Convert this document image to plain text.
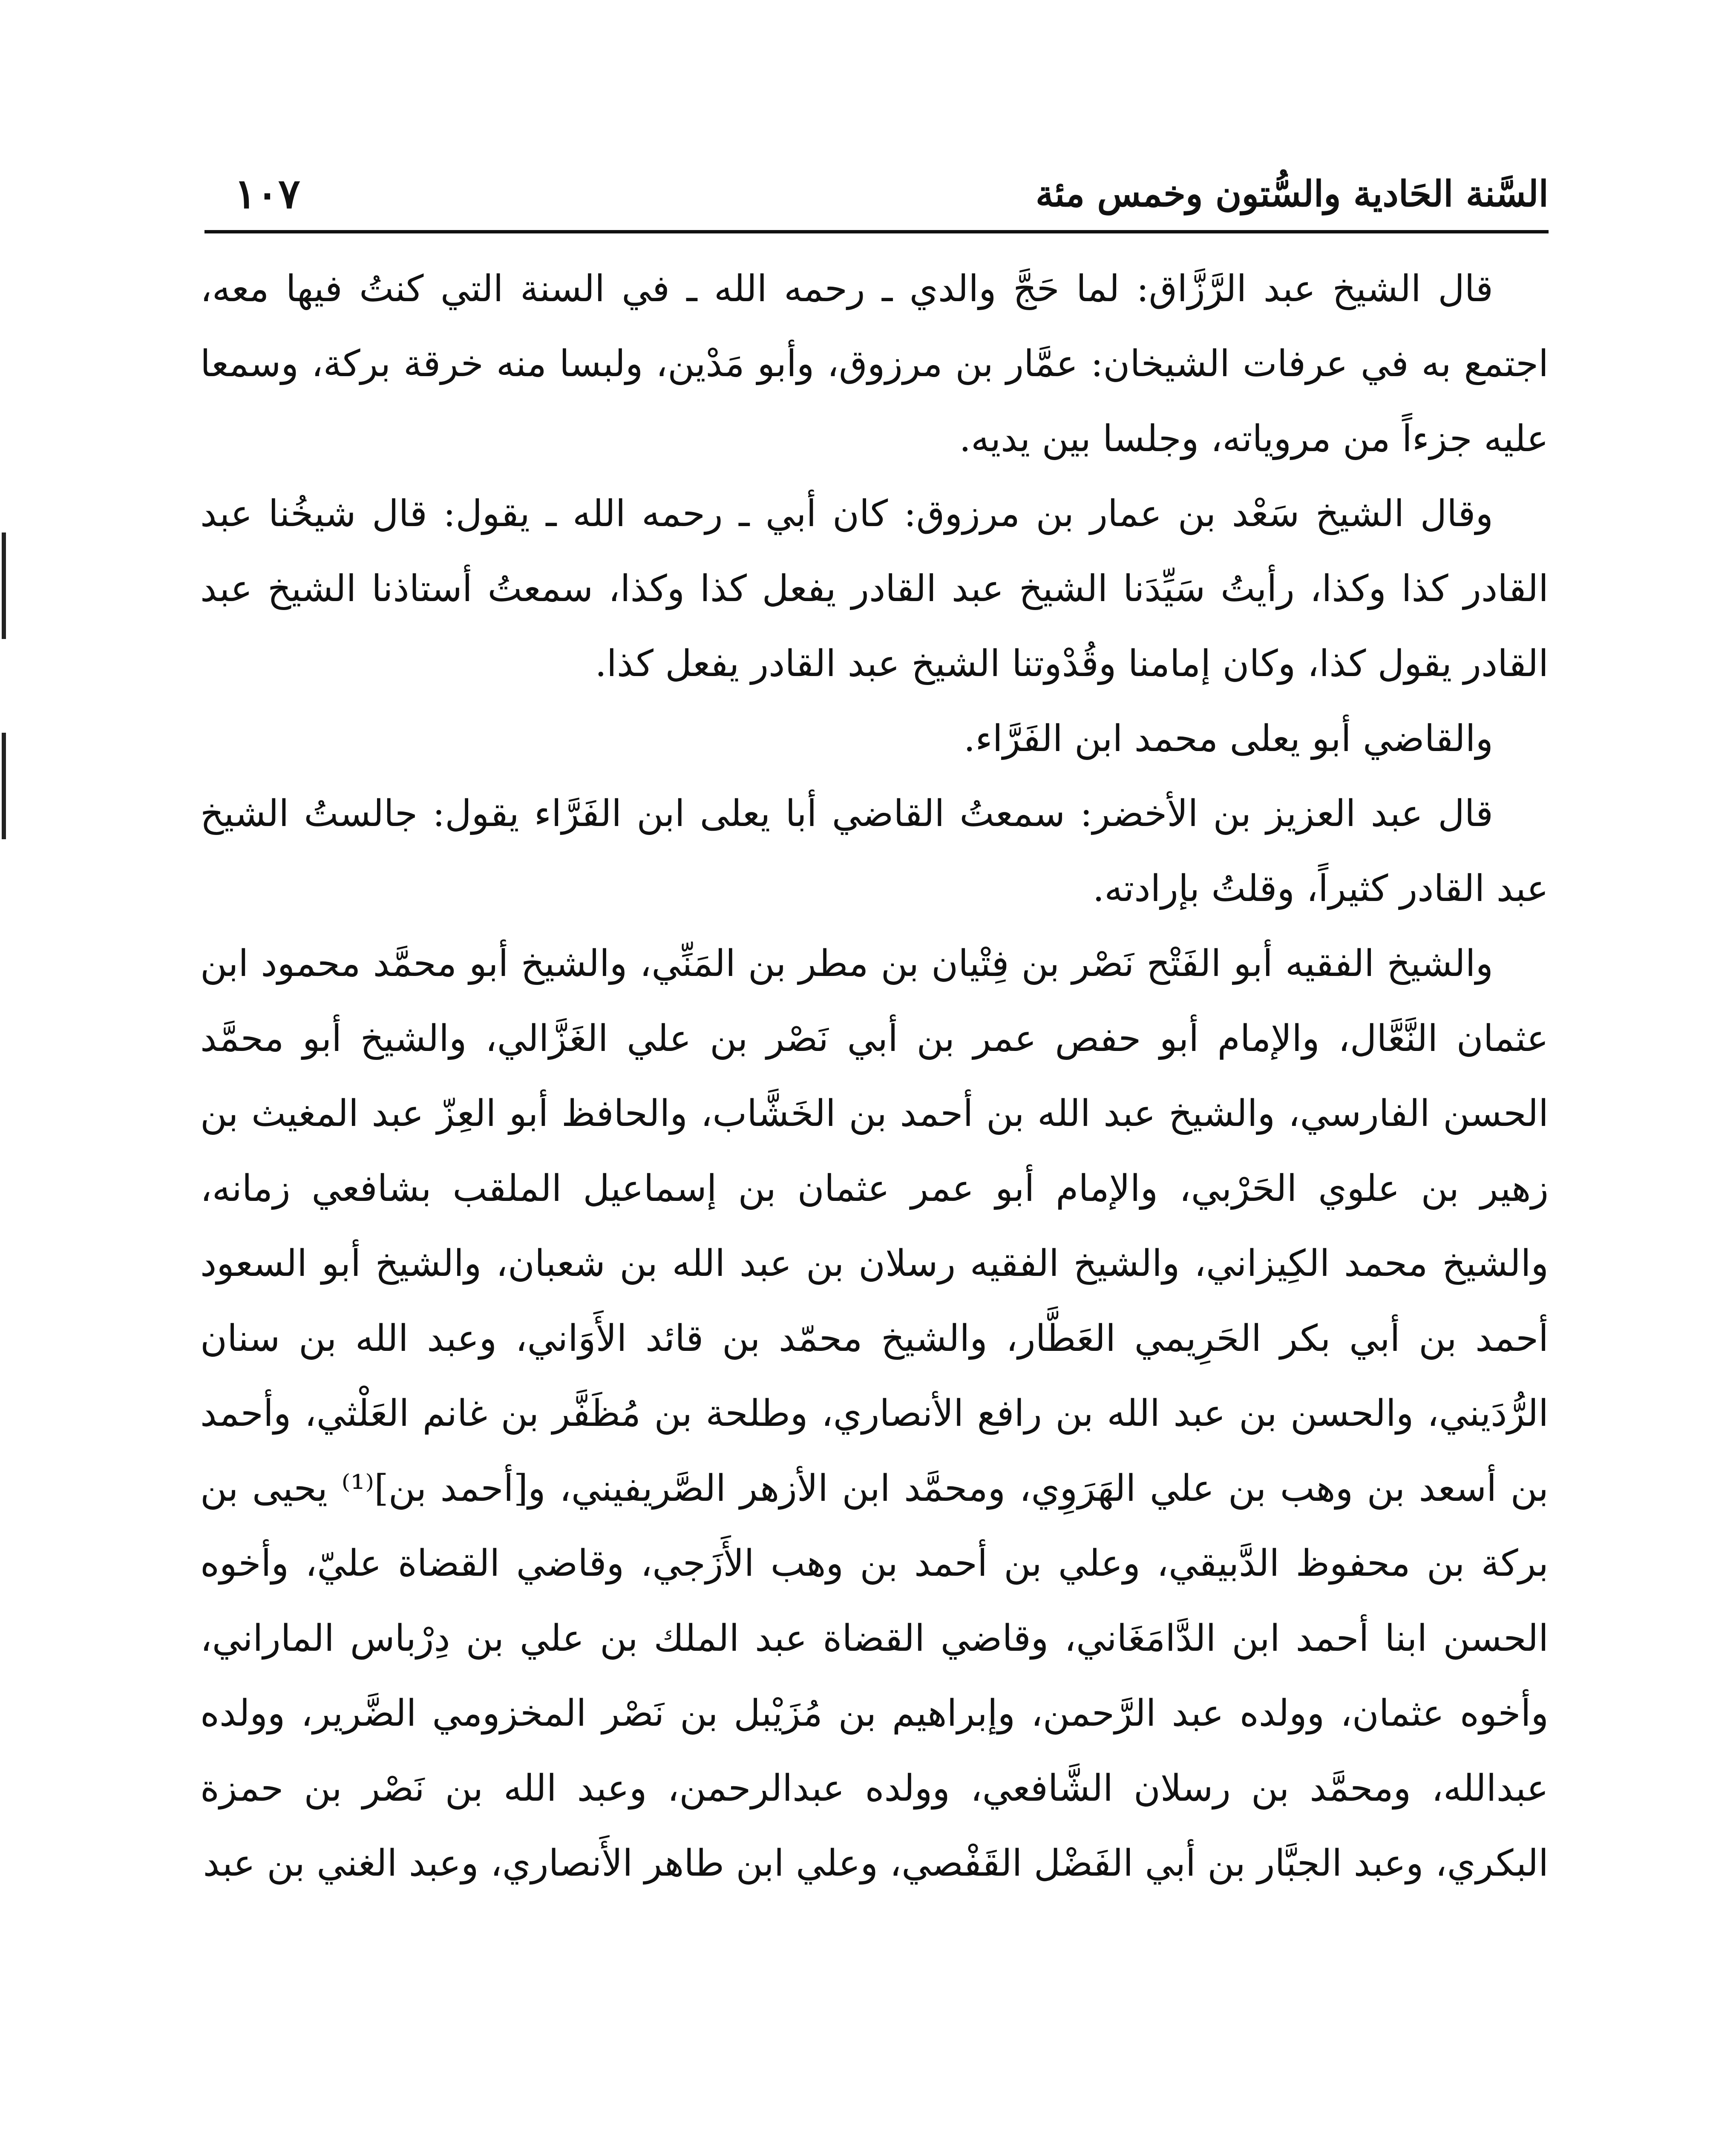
السَّنة الحَادية والسُّتون وخمس مئة
١٠٧

قال الشيخ عبد الرَّزَّاق: لما حَجَّ والدي ـ رحمه الله ـ في السنة التي كنتُ فيها معه، اجتمع به في عرفات الشيخان: عمَّار بن مرزوق، وأبو مَدْين، ولبسا منه خرقة بركة، وسمعا عليه جزءاً من مروياته، وجلسا بين يديه.

وقال الشيخ سَعْد بن عمار بن مرزوق: كان أبي ـ رحمه الله ـ يقول: قال شيخُنا عبد القادر كذا وكذا، رأيتُ سَيِّدَنا الشيخ عبد القادر يفعل كذا وكذا، سمعتُ أستاذنا الشيخ عبد القادر يقول كذا، وكان إمامنا وقُدْوتنا الشيخ عبد القادر يفعل كذا.

والقاضي أبو يعلى محمد ابن الفَرَّاء.

قال عبد العزيز بن الأخضر: سمعتُ القاضي أبا يعلى ابن الفَرَّاء يقول: جالستُ الشيخ عبد القادر كثيراً، وقلتُ بإرادته.

والشيخ الفقيه أبو الفَتْح نَصْر بن فِتْيان بن مطر بن المَنِّي، والشيخ أبو محمَّد محمود ابن عثمان النَّعَّال، والإمام أبو حفص عمر بن أبي نَصْر بن علي الغَزَّالي، والشيخ أبو محمَّد الحسن الفارسي، والشيخ عبد الله بن أحمد بن الخَشَّاب، والحافظ أبو العِزّ عبد المغيث بن زهير بن علوي الحَرْبي، والإمام أبو عمر عثمان بن إسماعيل الملقب بشافعي زمانه، والشيخ محمد الكِيزاني، والشيخ الفقيه رسلان بن عبد الله بن شعبان، والشيخ أبو السعود أحمد بن أبي بكر الحَرِيمي العَطَّار، والشيخ محمّد بن قائد الأَوَاني، وعبد الله بن سنان الرُّدَيني، والحسن بن عبد الله بن رافع الأنصاري، وطلحة بن مُظَفَّر بن غانم العَلْثي، وأحمد بن أسعد بن وهب بن علي الهَرَوِي، ومحمَّد ابن الأزهر الصَّريفيني، و[أحمد بن]⁽¹⁾ يحيى بن بركة بن محفوظ الدَّبيقي، وعلي بن أحمد بن وهب الأَزَجي، وقاضي القضاة عليّ، وأخوه الحسن ابنا أحمد ابن الدَّامَغَاني، وقاضي القضاة عبد الملك بن علي بن دِرْباس الماراني، وأخوه عثمان، وولده عبد الرَّحمن، وإبراهيم بن مُزَيْبل بن نَصْر المخزومي الضَّرير، وولده عبدالله، ومحمَّد بن رسلان الشَّافعي، وولده عبدالرحمن، وعبد الله بن نَصْر بن حمزة البكري، وعبد الجبَّار بن أبي الفَضْل القَفْصي، وعلي ابن طاهر الأَنصاري، وعبد الغني بن عبد
